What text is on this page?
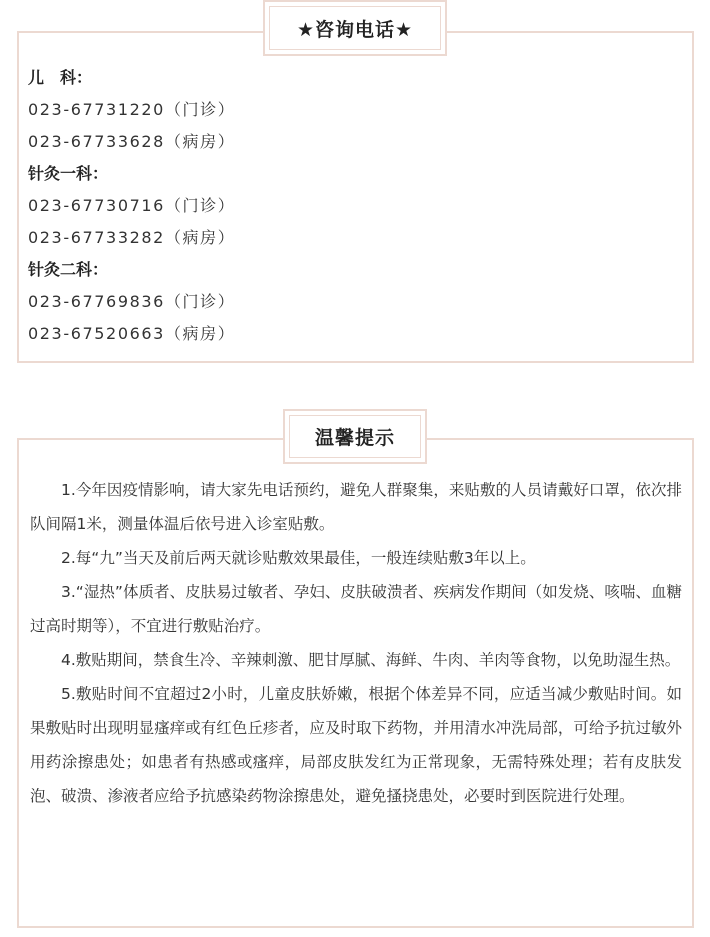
★咨询电话★

儿　科：

023-67731220（门诊）

023-67733628（病房）

针灸一科：

023-67730716（门诊）

023-67733282（病房）

针灸二科：

023-67769836（门诊）

023-67520663（病房）

温馨提示

1.今年因疫情影响，请大家先电话预约，避免人群聚集，来贴敷的人员请戴好口罩，依次排队间隔1米，测量体温后依号进入诊室贴敷。

2.每“九”当天及前后两天就诊贴敷效果最佳，一般连续贴敷3年以上。

3.“湿热”体质者、皮肤易过敏者、孕妇、皮肤破溃者、疾病发作期间（如发烧、咳喘、血糖过高时期等），不宜进行敷贴治疗。

4.敷贴期间，禁食生冷、辛辣刺激、肥甘厚腻、海鲜、牛肉、羊肉等食物，以免助湿生热。

5.敷贴时间不宜超过2小时，儿童皮肤娇嫩，根据个体差异不同，应适当减少敷贴时间。如果敷贴时出现明显瘙痒或有红色丘疹者，应及时取下药物，并用清水冲洗局部，可给予抗过敏外用药涂擦患处；如患者有热感或瘙痒，局部皮肤发红为正常现象，无需特殊处理；若有皮肤发泡、破溃、渗液者应给予抗感染药物涂擦患处，避免搔挠患处，必要时到医院进行处理。
